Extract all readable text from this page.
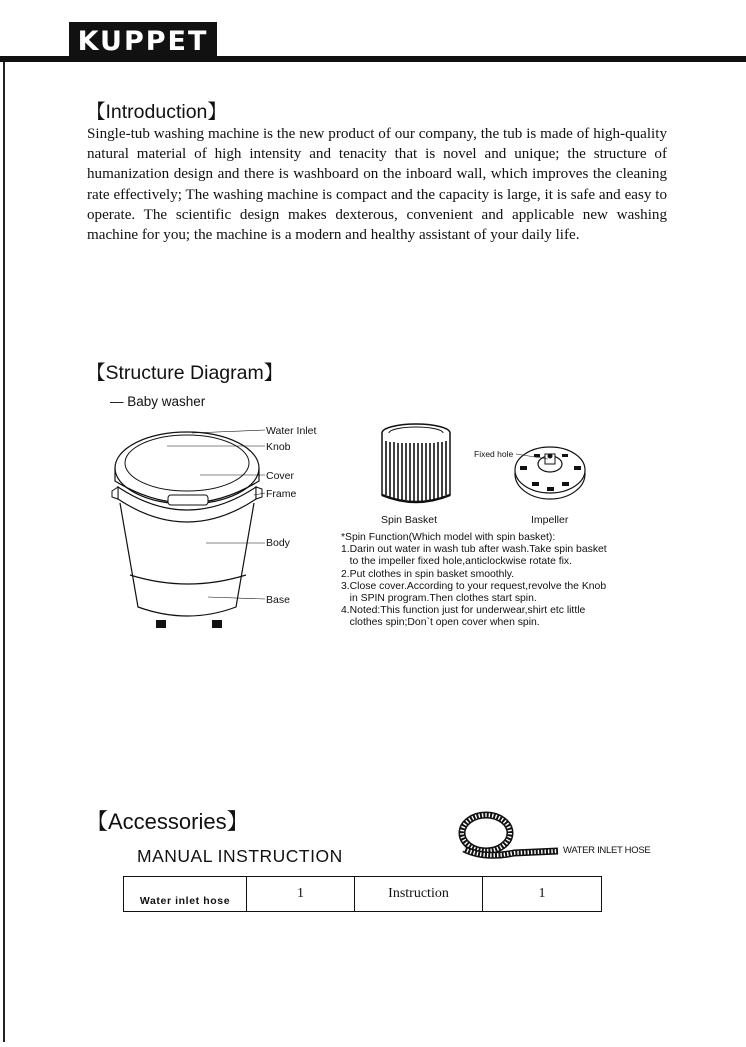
KUPPET
【Introduction】
Single-tub washing machine is the new product of our company, the tub is made of high-quality natural material of high intensity and tenacity that is novel and unique; the structure of humanization design and there is washboard on the inboard wall, which improves the cleaning rate effectively; The washing machine is compact and the capacity is large, it is safe and easy to operate. The scientific design makes dexterous, convenient and applicable new washing machine for you; the machine is a modern and healthy assistant of your daily life.
【Structure Diagram】
— Baby washer
Water Inlet
Knob
Cover
Frame
Body
Base
Spin Basket
Fixed hole
Impeller
*Spin Function(Which model with spin basket):
1.Darin out water in wash tub after wash.Take spin basket
to the impeller fixed hole,anticlockwise rotate fix.
2.Put clothes in spin basket smoothly.
3.Close cover.According to your request,revolve the Knob
in SPIN program.Then clothes start spin.
4.Noted:This function just for underwear,shirt etc little
clothes spin;Don`t open cover when spin.
【Accessories】
MANUAL INSTRUCTION	WATER INLET HOSE
Water inlet hose	1	Instruction	1
